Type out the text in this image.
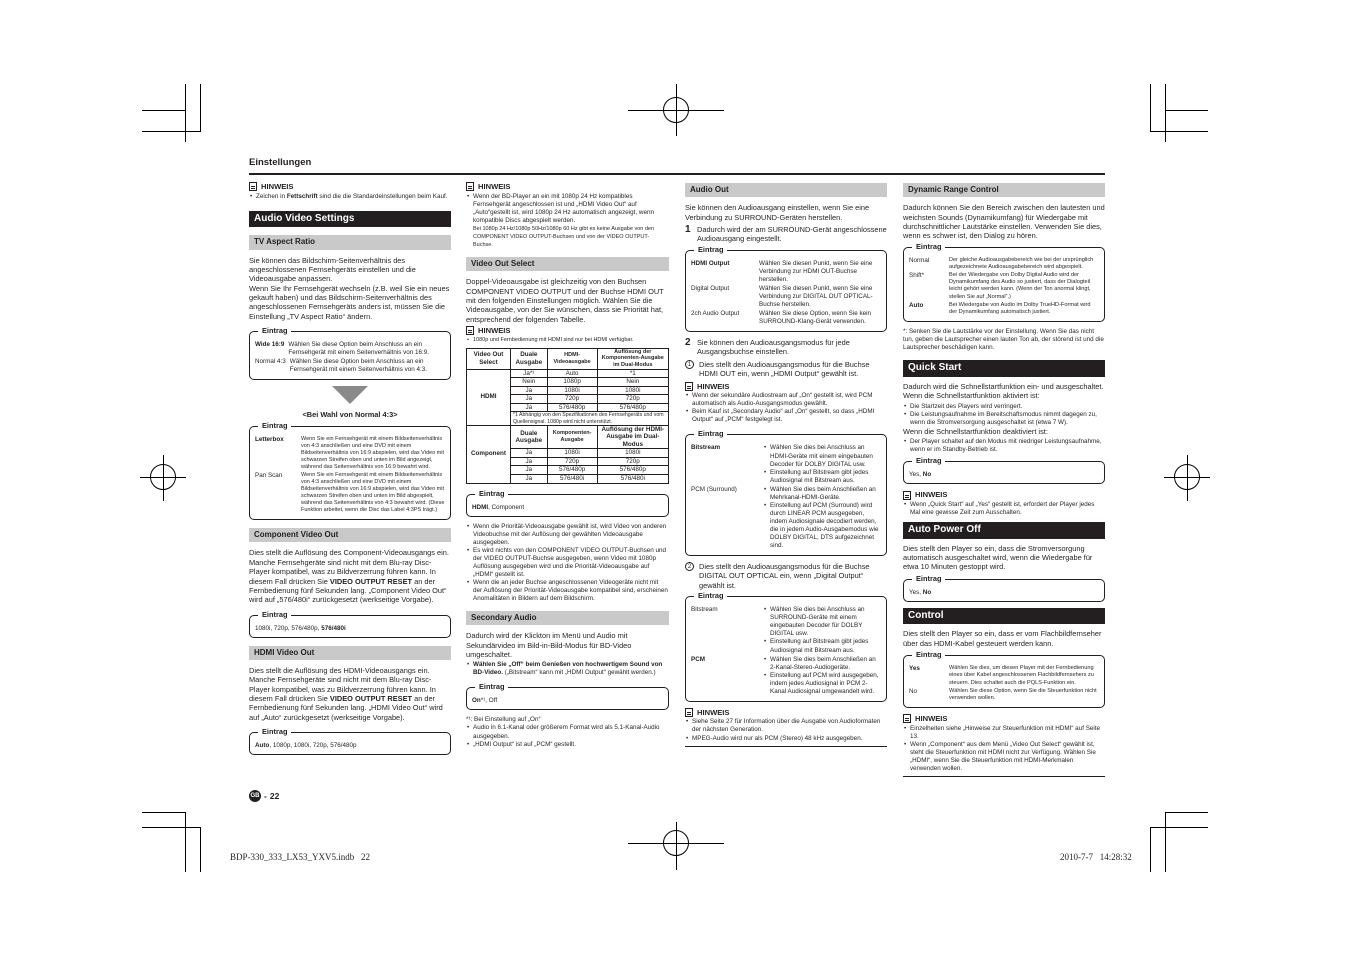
Einstellungen
HINWEIS
• Zeichen in Fettschrift sind die die Standardeinstellungen beim Kauf.
Audio Video Settings
TV Aspect Ratio

Sie können das Bildschirm-Seitenverhältnis des angeschlossenen Fernsehgeräts einstellen und die Videoausgabe anpassen.
Wenn Sie Ihr Fernsehgerät wechseln (z.B. weil Sie ein neues gekauft haben) und das Bildschirm-Seitenverhältnis des angeschlossenen Fernsehgeräts anders ist, müssen Sie die Einstellung „TV Aspect Ratio“ ändern.

Eintrag
Wide 16:9 Wählen Sie diese Option beim Anschluss an ein Fernsehgerät mit einem Seitenverhältnis von 16:9.
Normal 4:3 Wählen Sie diese Option beim Anschluss an ein Fernsehgerät mit einem Seitenverhältnis von 4:3.
<Bei Wahl von Normal 4:3>
Eintrag
Letterbox	Wenn Sie ein Fernsehgerät mit einem Bildseitenverhältnis von 4:3 anschließen und eine DVD mit einem Bildseitenverhältnis von 16:9 abspielen, wird das Video mit schwarzen Streifen oben und unten im Bild angezeigt, während das Seitenverhältnis von 16:9 bewahrt wird.
Pan Scan	Wenn Sie ein Fernsehgerät mit einem Bildseitenverhältnis von 4:3 anschließen und eine DVD mit einem Bildseitenverhältnis von 16:9 abspielen, wird das Video mit schwarzen Streifen oben und unten im Bild abgespielt, während das Seitenverhältnis von 4:3 bewahrt wird. (Diese Funktion arbeitet, wenn die Disc das Label 4:3PS trägt.)
Component Video Out

Dies stellt die Auflösung des Component-Videoausgangs ein.
Manche Fernsehgeräte sind nicht mit dem Blu-ray Disc-Player kompatibel, was zu Bildverzerrung führen kann. In diesem Fall drücken Sie VIDEO OUTPUT RESET an der Fernbedienung fünf Sekunden lang. „Component Video Out“ wird auf „576/480i“ zurückgesetzt (werkseitige Vorgabe).

Eintrag
1080i, 720p, 576/480p, 576/480i
HDMI Video Out

Dies stellt die Auflösung des HDMI-Videoausgangs ein.
Manche Fernsehgeräte sind nicht mit dem Blu-ray Disc-Player kompatibel, was zu Bildverzerrung führen kann. In diesem Fall drücken Sie VIDEO OUTPUT RESET an der Fernbedienung fünf Sekunden lang. „HDMI Video Out“ wird auf „Auto“ zurückgesetzt (werkseitige Vorgabe).

Eintrag
Auto, 1080p, 1080i, 720p, 576/480p
HINWEIS
• Wenn der BD-Player an ein mit 1080p 24 Hz kompatibles Fernsehgerät angeschlossen ist und „HDMI Video Out“ auf „Auto“gestellt ist, wird 1080p 24 Hz automatisch angezeigt, wenn kompatible Discs abgespielt werden.
Bei 1080p 24 Hz/1080p 50Hz/1080p 60 Hz gibt es keine Ausgabe von den COMPONENT VIDEO OUTPUT-Buchsen und von der VIDEO OUTPUT-Buchse.
Video Out Select

Doppel-Videoausgabe ist gleichzeitig von den Buchsen COMPONENT VIDEO OUTPUT und der Buchse HDMI OUT mit den folgenden Einstellungen möglich. Wählen Sie die Videoausgabe, von der Sie wünschen, dass sie Priorität hat, entsprechend der folgenden Tabelle.

HINWEIS
• 1080p und Fernbedienung mit HDMI sind nur bei HDMI verfügbar.
Video Out Select	Duale Ausgabe	HDMI-Videoausgabe	Auflösung der Komponenten-Ausgabe im Dual-Modus
HDMI	Ja*¹	Auto	*1
	Nein	1080p	Nein
	Ja	1080i	1080i
	Ja	720p	720p
	Ja	576/480p	576/480p
	*1 Abhängig von den Spezifikationen des Fernsehgeräts und vom Quellensignal. 1080p wird nicht unterstützt.		
Component	Duale Ausgabe	Komponenten-Ausgabe	Auflösung der HDMI-Ausgabe im Dual-Modus
	Ja	1080i	1080i
	Ja	720p	720p
	Ja	576/480p	576/480p
	Ja	576/480i	576/480i
Eintrag
HDMI, Component
• Wenn die Priorität-Videoausgabe gewählt ist, wird Video von anderen Videobuchse mit der Auflösung der gewählten Videoausgabe ausgegeben.
• Es wird nichts von den COMPONENT VIDEO OUTPUT-Buchsen und der VIDEO OUTPUT-Buchse ausgegeben, wenn Video mit 1080p Auflösung ausgegeben wird und die Priorität-Videoausgabe auf „HDMI“ gestellt ist.
• Wenn die an jeder Buchse angeschlossenen Videogeräte nicht mit der Auflösung der Priorität-Videoausgabe kompatibel sind, erscheinen Anomalitäten in Bildern auf dem Bildschirm.
Secondary Audio

Dadurch wird der Klickton im Menü und Audio mit Sekundärvideo im Bild-in-Bild-Modus für BD-Video umgeschaltet.

• Wählen Sie „Off“ beim Genießen von hochwertigem Sound von BD-Video. („Bitstream“ kann mit „HDMI Output“ gewählt werden.)
Eintrag
On*¹, Off
*¹: Bei Einstellung auf „On“
• Audio in 6.1-Kanal oder größerem Format wird als 5.1-Kanal-Audio ausgegeben.
• „HDMI Output“ ist auf „PCM“ gestellt.
Audio Out

Sie können den Audioausgang einstellen, wenn Sie eine Verbindung zu SURROUND-Geräten herstellen.

1 Dadurch wird der am SURROUND-Gerät angeschlossene Audioausgang eingestellt.
Eintrag
HDMI Output	Wählen Sie diesen Punkt, wenn Sie eine Verbindung zur HDMI OUT-Buchse herstellen.
Digital Output	Wählen Sie diesen Punkt, wenn Sie eine Verbindung zur DIGITAL OUT OPTICAL-Buchse herstellen.
2ch Audio Output	Wählen Sie diese Option, wenn Sie kein SURROUND-Klang-Gerät verwenden.
2 Sie können den Audioausgangsmodus für jede Ausgangsbuchse einstellen.
1	Dies stellt den Audioausgangsmodus für die Buchse HDMI OUT ein, wenn „HDMI Output“ gewählt ist.
HINWEIS
• Wenn der sekundäre Audiostream auf „On“ gestellt ist, wird PCM automatisch als Audio-Ausgangsmodus gewählt.
• Beim Kauf ist „Secondary Audio“ auf „On“ gestellt, so dass „HDMI Output“ auf „PCM“ festgelegt ist.
Eintrag
Bitstream	• Wählen Sie dies bei Anschluss an HDMI-Geräte mit einem eingebauten Decoder für DOLBY DIGITAL usw.
• Einstellung auf Bitstream gibt jedes Audiosignal mit Bitstream aus.
PCM (Surround)	• Wählen Sie dies beim Anschließen an Mehrkanal-HDMI-Geräte.
• Einstellung auf PCM (Surround) wird durch LINEAR PCM ausgegeben, indem Audiosignale decodiert werden, die in jedem Audio-Ausgabemodus wie DOLBY DIGITAL, DTS aufgezeichnet sind.
2	Dies stellt den Audioausgangsmodus für die Buchse DIGITAL OUT OPTICAL ein, wenn „Digital Output“ gewählt ist.
Eintrag
Bitstream	• Wählen Sie dies bei Anschluss an SURROUND-Geräte mit einem eingebauten Decoder für DOLBY DIGITAL usw.
• Einstellung auf Bitstream gibt jedes Audiosignal mit Bitstream aus.
PCM	• Wählen Sie dies beim Anschließen an 2-Kanal-Stereo-Audiogeräte.
• Einstellung auf PCM wird ausgegeben, indem jedes Audiosignal in PCM 2-Kanal Audiosignal umgewandelt wird.
HINWEIS
• Siehe Seite 27 für Information über die Ausgabe von Audioformaten der nächsten Generation.
• MPEG-Audio wird nur als PCM (Stereo) 48 kHz ausgegeben.
Dynamic Range Control

Dadurch können Sie den Bereich zwischen den lautesten und weichsten Sounds (Dynamikumfang) für Wiedergabe mit durchschnittlicher Lautstärke einstellen. Verwenden Sie dies, wenn es schwer ist, den Dialog zu hören.

Eintrag
Normal	Der gleiche Audioausgabebereich wie bei der ursprünglich aufgezeichnete Audioausgabebereich wird abgespielt.
Shift*	Bei der Wiedergabe von Dolby Digital Audio wird der Dynamikumfang des Audio so justiert, dass der Dialogteil leicht gehört werden kann. (Wenn der Ton anormal klingt, stellen Sie auf „Normal“.)
Auto	Bei Wiedergabe von Audio im Dolby TrueHD-Format wird der Dynamikumfang automatisch justiert.
*: Senken Sie die Lautstärke vor der Einstellung. Wenn Sie das nicht tun, geben die Lautsprecher einen lauten Ton ab, der störend ist und die Lautsprecher beschädigen kann.
Quick Start

Dadurch wird die Schnellstartfunktion ein- und ausgeschaltet. Wenn die Schnellstartfunktion aktiviert ist:

• Die Startzeit des Players wird verringert.
• Die Leistungsaufnahme im Bereitschaftsmodus nimmt dagegen zu, wenn die Stromversorgung ausgeschaltet ist (etwa 7 W).

Wenn die Schnellstartfunktion deaktiviert ist:

• Der Player schaltet auf den Modus mit niedriger Leistungsaufnahme, wenn er im Standby-Betrieb ist.
Eintrag
Yes, No
HINWEIS
• Wenn „Quick Start“ auf „Yes“ gestellt ist, erfordert der Player jedes Mal eine gewisse Zeit zum Ausschalten.
Auto Power Off

Dies stellt den Player so ein, dass die Stromversorgung automatisch ausgeschaltet wird, wenn die Wiedergabe für etwa 10 Minuten gestoppt wird.

Eintrag
Yes, No
Control

Dies stellt den Player so ein, dass er vom Flachbildfernseher über das HDMI-Kabel gesteuert werden kann.

Eintrag
Yes	Wählen Sie dies, um diesen Player mit der Fernbedienung eines über Kabel angeschlossenen Flachbildfernsehers zu steuern. Dies schaltet auch die PQLS-Funktion ein.
No	Wählen Sie diese Option, wenn Sie die Steuerfunktion nicht verwenden wollen.
HINWEIS
• Einzelheiten siehe „Hinweise zur Steuerfunktion mit HDMI“ auf Seite 13.
• Wenn „Component“ aus dem Menü „Video Out Select“ gewählt ist, steht die Steuerfunktion mit HDMI nicht zur Verfügung. Wählen Sie „HDMI“, wenn Sie die Steuerfunktion mit HDMI-Merkmalen verwenden wollen.
GB - 22
BDP-330_333_LX53_YXV5.indb   22	2010-7-7   14:28:32
